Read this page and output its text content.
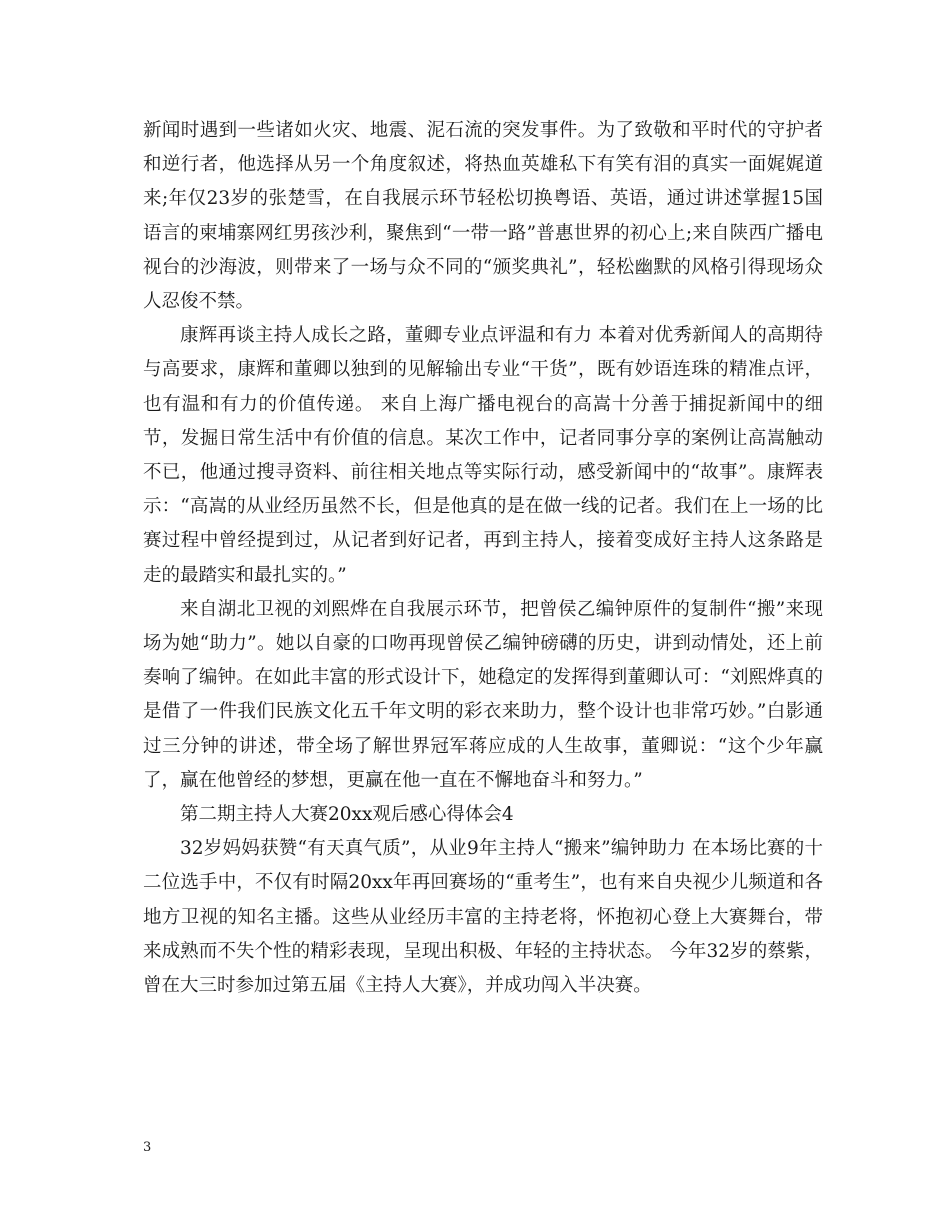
新闻时遇到一些诸如火灾、地震、泥石流的突发事件。为了致敬和平时代的守护者和逆行者，他选择从另一个角度叙述，将热血英雄私下有笑有泪的真实一面娓娓道来;年仅23岁的张楚雪，在自我展示环节轻松切换粤语、英语，通过讲述掌握15国语言的柬埔寨网红男孩沙利，聚焦到“一带一路”普惠世界的初心上;来自陕西广播电视台的沙海波，则带来了一场与众不同的“颁奖典礼”，轻松幽默的风格引得现场众人忍俊不禁。

康辉再谈主持人成长之路，董卿专业点评温和有力 本着对优秀新闻人的高期待与高要求，康辉和董卿以独到的见解输出专业“干货”，既有妙语连珠的精准点评，也有温和有力的价值传递。 来自上海广播电视台的高嵩十分善于捕捉新闻中的细节，发掘日常生活中有价值的信息。某次工作中，记者同事分享的案例让高嵩触动不已，他通过搜寻资料、前往相关地点等实际行动，感受新闻中的“故事”。康辉表示：“高嵩的从业经历虽然不长，但是他真的是在做一线的记者。我们在上一场的比赛过程中曾经提到过，从记者到好记者，再到主持人，接着变成好主持人这条路是走的最踏实和最扎实的。”

来自湖北卫视的刘熙烨在自我展示环节，把曾侯乙编钟原件的复制件“搬”来现场为她“助力”。她以自豪的口吻再现曾侯乙编钟磅礴的历史，讲到动情处，还上前奏响了编钟。在如此丰富的形式设计下，她稳定的发挥得到董卿认可：“刘熙烨真的是借了一件我们民族文化五千年文明的彩衣来助力，整个设计也非常巧妙。”白影通过三分钟的讲述，带全场了解世界冠军蒋应成的人生故事，董卿说：“这个少年赢了，赢在他曾经的梦想，更赢在他一直在不懈地奋斗和努力。”

第二期主持人大赛20xx观后感心得体会4

32岁妈妈获赞“有天真气质”，从业9年主持人“搬来”编钟助力 在本场比赛的十二位选手中，不仅有时隔20xx年再回赛场的“重考生”，也有来自央视少儿频道和各地方卫视的知名主播。这些从业经历丰富的主持老将，怀抱初心登上大赛舞台，带来成熟而不失个性的精彩表现，呈现出积极、年轻的主持状态。 今年32岁的蔡紫，曾在大三时参加过第五届《主持人大赛》，并成功闯入半决赛。

3
